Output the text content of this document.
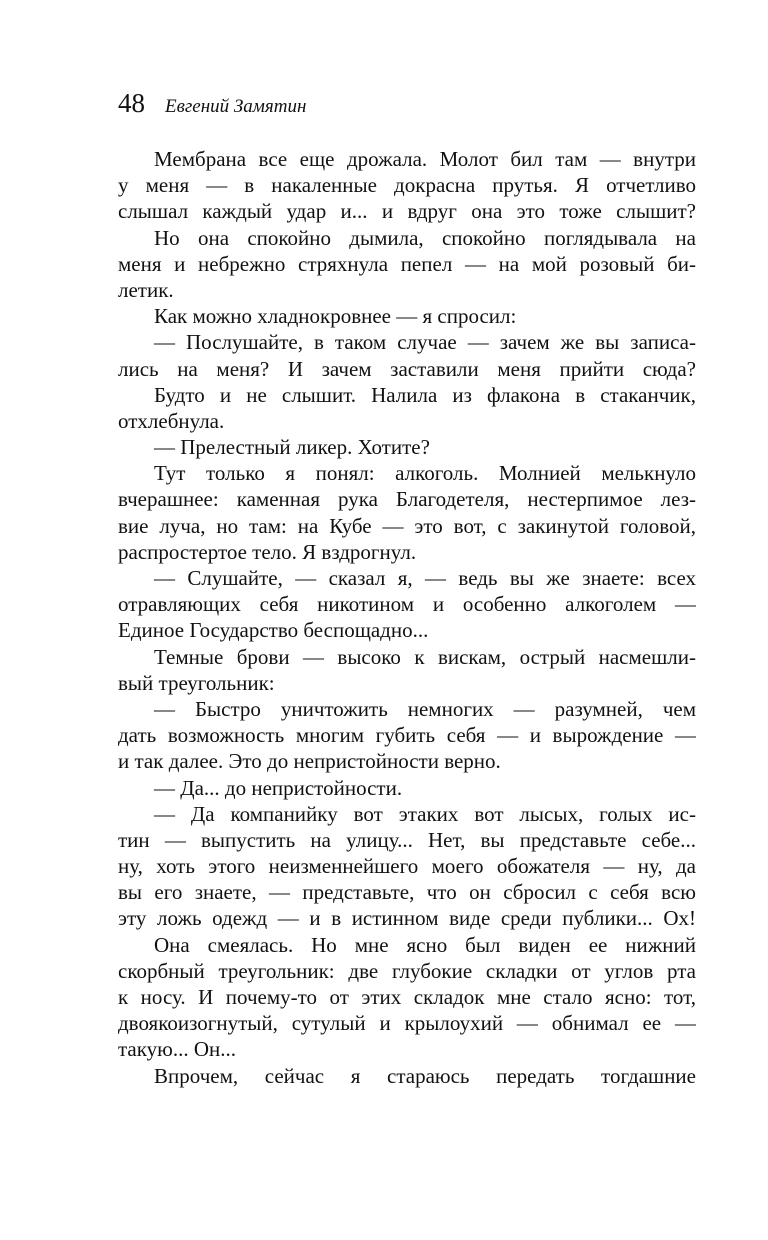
48 Евгений Замятин
Мембрана все еще дрожала. Молот бил там — внутри
у меня — в накаленные докрасна прутья. Я отчетливо
слышал каждый удар и... и вдруг она это тоже слышит?
Но она спокойно дымила, спокойно поглядывала на
меня и небрежно стряхнула пепел — на мой розовый би-
летик.
Как можно хладнокровнее — я спросил:
— Послушайте, в таком случае — зачем же вы записа-
лись на меня? И зачем заставили меня прийти сюда?
Будто и не слышит. Налила из флакона в стаканчик,
отхлебнула.
— Прелестный ликер. Хотите?
Тут только я понял: алкоголь. Молнией мелькнуло
вчерашнее: каменная рука Благодетеля, нестерпимое лез-
вие луча, но там: на Кубе — это вот, с закинутой головой,
распростертое тело. Я вздрогнул.
— Слушайте, — сказал я, — ведь вы же знаете: всех
отравляющих себя никотином и особенно алкоголем —
Единое Государство беспощадно...
Темные брови — высоко к вискам, острый насмешли-
вый треугольник:
— Быстро уничтожить немногих — разумней, чем
дать возможность многим губить себя — и вырождение —
и так далее. Это до непристойности верно.
— Да... до непристойности.
— Да компанийку вот этаких вот лысых, голых ис-
тин — выпустить на улицу... Нет, вы представьте себе...
ну, хоть этого неизменнейшего моего обожателя — ну, да
вы его знаете, — представьте, что он сбросил с себя всю
эту ложь одежд — и в истинном виде среди публики... Ох!
Она смеялась. Но мне ясно был виден ее нижний
скорбный треугольник: две глубокие складки от углов рта
к носу. И почему-то от этих складок мне стало ясно: тот,
двоякоизогнутый, сутулый и крылоухий — обнимал ее —
такую... Он...
Впрочем, сейчас я стараюсь передать тогдашние
